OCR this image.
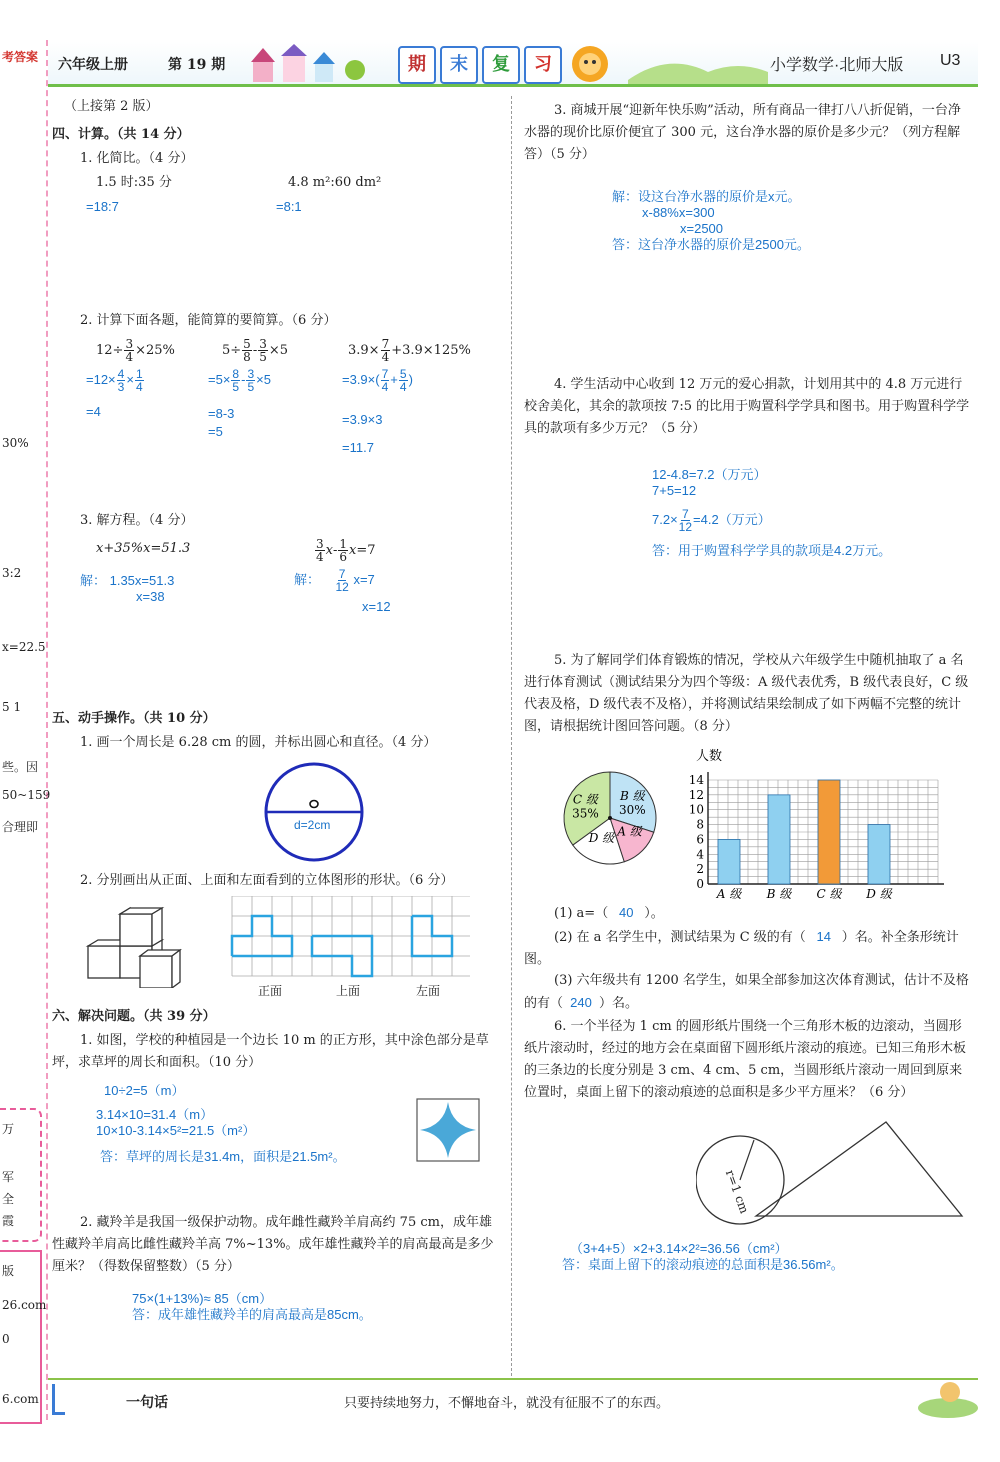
考答案
30%
3:2
x=22.5
5 1
些。因
50~159
合理即
万
军
全
霞
版
26.com
0
6.com
六年级上册	第 19 期	期	末	复	习	小学数学·北师大版 U3
（上接第 2 版）
四、计算。（共 14 分）
1. 化简比。（4 分）
1.5 时:35 分
=18:7
4.8 m²:60 dm²
=8:1
2. 计算下面各题，能简算的要简算。（6 分）
$12\div \frac{3}{4} \times 25\%$
$=12\times \frac{4}{3} \times \frac{1}{4}$
=4
$5\div \frac{5}{8} - \frac{3}{5} \times 5$
$=5\times \frac{8}{5} - \frac{3}{5} \times 5$
=8-3
=5
$3.9\times \frac{7}{4} +3.9\times 125\%$
$=3.9\times( \frac{7}{4} + \frac{5}{4}$ )
=3.9×3
=11.7
3. 解方程。（4 分）
x+35%x=51.3
解： 1.35x=51.3
x=38
$\frac{3}{4} x- \frac{1}{6} x=7$
解： $\frac{7}{12} x=7$
x=12
五、动手操作。（共 10 分）
1. 画一个周长是 6.28 cm 的圆，并标出圆心和直径。（4 分）
d=2cm
2. 分别画出从正面、上面和左面看到的立体图形的形状。（6 分）
正面	上面	左面
六、解决问题。（共 39 分）
1. 如图，学校的种植园是一个边长 10 m 的正方形，其中涂色部分是草坪，求草坪的周长和面积。（10 分）
10÷2=5（m）
3.14×10=31.4（m）
10×10-3.14×5²=21.5（m²）
答：草坪的周长是31.4m，面积是21.5m²。
2. 藏羚羊是我国一级保护动物。成年雌性藏羚羊肩高约 75 cm，成年雄性藏羚羊肩高比雌性藏羚羊高 7%~13%。成年雄性藏羚羊的肩高最高是多少厘米？（得数保留整数）（5 分）
75×(1+13%)≈ 85（cm）
答：成年雄性藏羚羊的肩高最高是85cm。
3. 商城开展“迎新年快乐购”活动，所有商品一律打八八折促销，一台净水器的现价比原价便宜了 300 元，这台净水器的原价是多少元？（列方程解答）（5 分）
解：设这台净水器的原价是x元。
x-88%x=300
x=2500
答：这台净水器的原价是2500元。
4. 学生活动中心收到 12 万元的爱心捐款，计划用其中的 4.8 万元进行校舍美化，其余的款项按 7:5 的比用于购置科学学具和图书。用于购置科学学具的款项有多少万元？（5 分）
12-4.8=7.2（万元）
7+5=12
$7.2\times \frac{7}{12} =4.2$（万元）
答：用于购置科学学具的款项是4.2万元。
5. 为了解同学们体育锻炼的情况，学校从六年级学生中随机抽取了 a 名进行体育测试（测试结果分为四个等级：A 级代表优秀，B 级代表良好，C 级代表及格，D 级代表不及格），并将测试结果绘制成了如下两幅不完整的统计图，请根据统计图回答问题。（8 分）
B 级
30%
A 级
D 级
C 级
35%
人数
0
2
4
6
8
10
12
14
A 级 B 级 C 级 D 级
(1) a=（ 40 ）。
(2) 在 a 名学生中，测试结果为 C 级的有（ 14 ）名。补全条形统计图。
(3) 六年级共有 1200 名学生，如果全部参加这次体育测试，估计不及格的有（ 240 ）名。
6. 一个半径为 1 cm 的圆形纸片围绕一个三角形木板的边滚动，当圆形纸片滚动时，经过的地方会在桌面留下圆形纸片滚动的痕迹。已知三角形木板的三条边的长度分别是 3 cm、4 cm、5 cm，当圆形纸片滚动一周回到原来位置时，桌面上留下的滚动痕迹的总面积是多少平方厘米？（6 分）
r=1 cm
（3+4+5）×2+3.14×2²=36.56（cm²）
答：桌面上留下的滚动痕迹的总面积是36.56m²。
一句话	只要持续地努力，不懈地奋斗，就没有征服不了的东西。
